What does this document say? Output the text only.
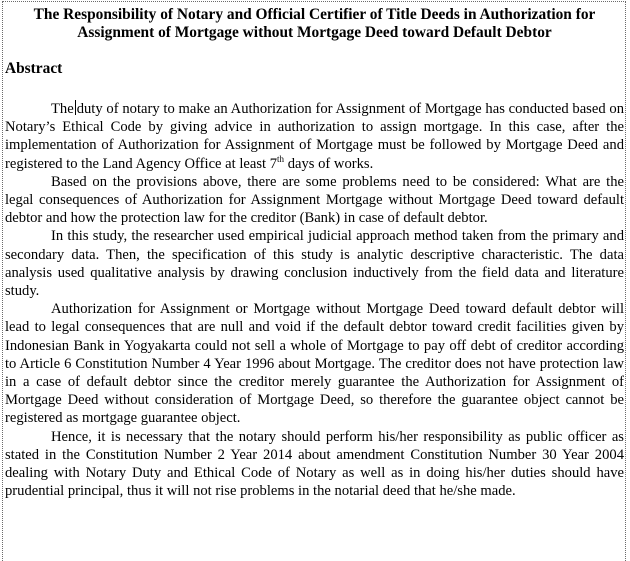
The Responsibility of Notary and Official Certifier of Title Deeds in Authorization for Assignment of Mortgage without Mortgage Deed toward Default Debtor
Abstract

The duty of notary to make an Authorization for Assignment of Mortgage has conducted based on Notary’s Ethical Code by giving advice in authorization to assign mortgage. In this case, after the implementation of Authorization for Assignment of Mortgage must be followed by Mortgage Deed and registered to the Land Agency Office at least 7th days of works.

Based on the provisions above, there are some problems need to be considered: What are the legal consequences of Authorization for Assignment Mortgage without Mortgage Deed toward default debtor and how the protection law for the creditor (Bank) in case of default debtor.

In this study, the researcher used empirical judicial approach method taken from the primary and secondary data. Then, the specification of this study is analytic descriptive characteristic. The data analysis used qualitative analysis by drawing conclusion inductively from the field data and literature study.

Authorization for Assignment or Mortgage without Mortgage Deed toward default debtor will lead to legal consequences that are null and void if the default debtor toward credit facilities given by Indonesian Bank in Yogyakarta could not sell a whole of Mortgage to pay off debt of creditor according to Article 6 Constitution Number 4 Year 1996 about Mortgage. The creditor does not have protection law in a case of default debtor since the creditor merely guarantee the Authorization for Assignment of Mortgage Deed without consideration of Mortgage Deed, so therefore the guarantee object cannot be registered as mortgage guarantee object.

Hence, it is necessary that the notary should perform his/her responsibility as public officer as stated in the Constitution Number 2 Year 2014 about amendment Constitution Number 30 Year 2004 dealing with Notary Duty and Ethical Code of Notary as well as in doing his/her duties should have prudential principal, thus it will not rise problems in the notarial deed that he/she made.
